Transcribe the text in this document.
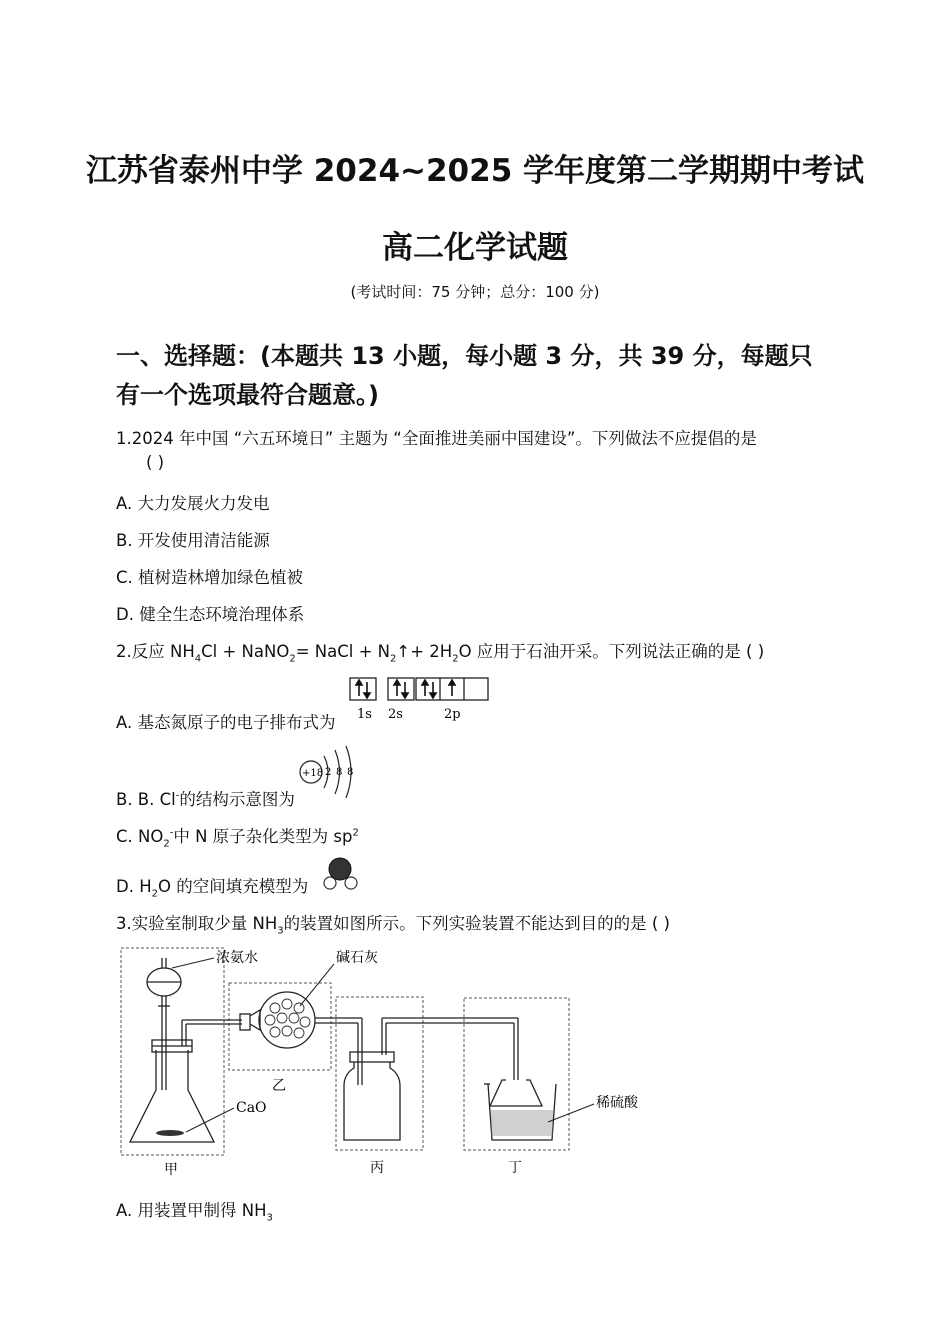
江苏省泰州中学 2024~2025 学年度第二学期期中考试
高二化学试题
(考试时间：75 分钟；总分：100 分)
一、选择题：(本题共 13 小题，每小题 3 分，共 39 分，每题只
有一个选项最符合题意。)
1.2024 年中国 “六五环境日” 主题为 “全面推进美丽中国建设”。下列做法不应提倡的是
( )
A. 大力发展火力发电
B. 开发使用清洁能源
C. 植树造林增加绿色植被
D. 健全生态环境治理体系
2.反应 $NH_4Cl$ + NaNO$_2$= NaCl + $N_2↑+ 2H_2O$ 应用于石油开采。下列说法正确的是 ( )
A. 基态氮原子的电子排布式为 1s 2s	2p
B. B. Cl-的结构示意图为
+18 2 8 8
C. $NO_2^-$中 N 原子杂化类型为 $sp^2$
D. $H_2O$ 的空间填充模型为
3.实验室制取少量 $NH_3$的装置如图所示。下列实验装置不能达到目的的是 ( )
浓氨水	碱石灰
CaO	稀硫酸
甲
乙
丙	丁
A. 用装置甲制得 $NH_3$
